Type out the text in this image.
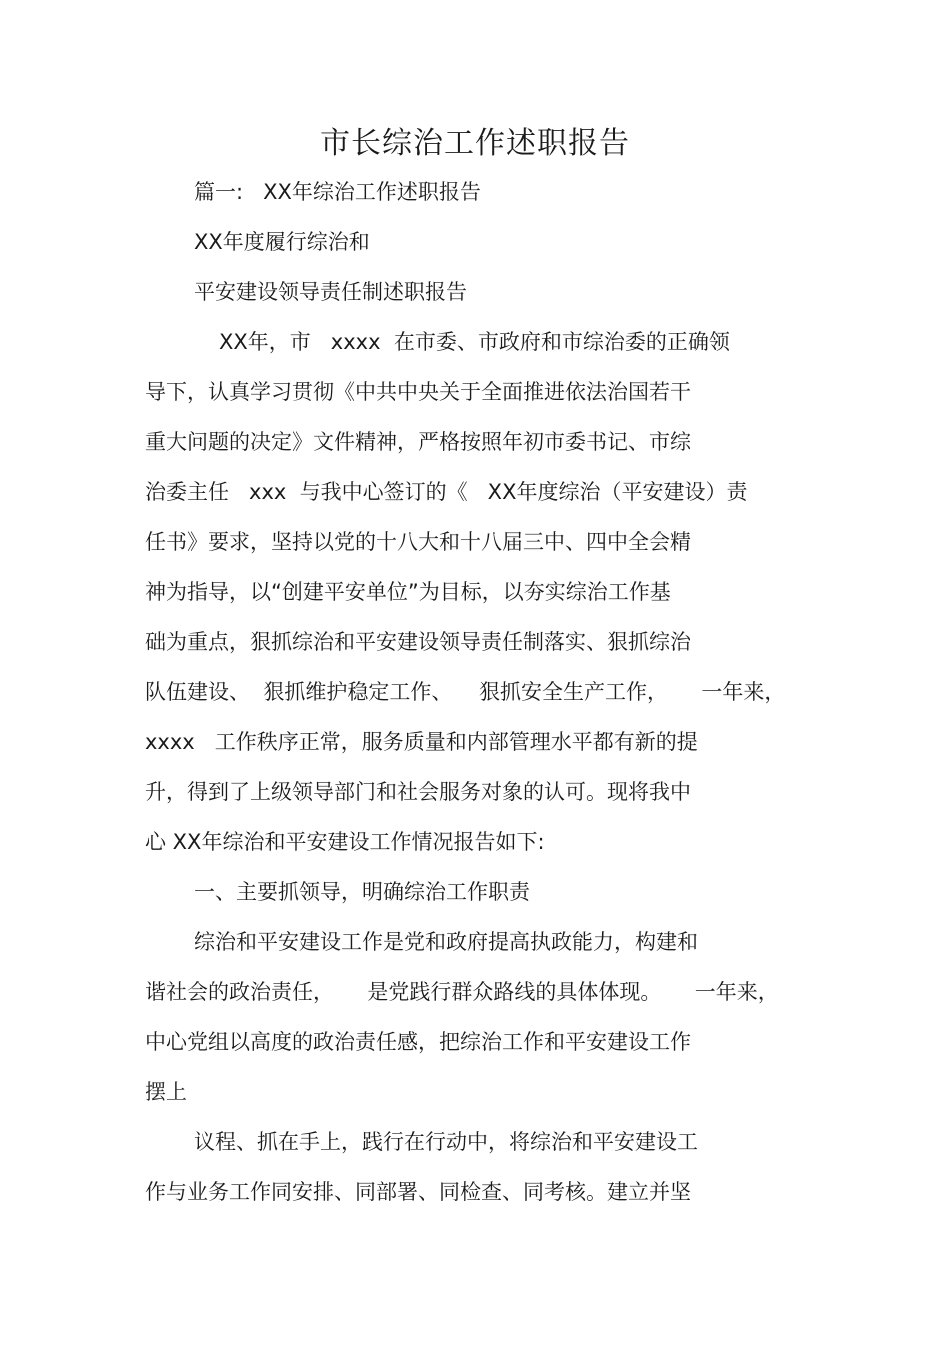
市长综治工作述职报告

篇一:   XX年综治工作述职报告

XX年度履行综治和

平安建设领导责任制述职报告

XX年，市   xxxx  在市委、市政府和市综治委的正确领

导下，认真学习贯彻《中共中央关于全面推进依法治国若干

重大问题的决定》文件精神，严格按照年初市委书记、市综

治委主任   xxx  与我中心签订的《   XX年度综治（平安建设）责

任书》要求，坚持以党的十八大和十八届三中、四中全会精

神为指导，以“创建平安单位”为目标，以夯实综治工作基

础为重点，狠抓综治和平安建设领导责任制落实、狠抓综治

队伍建设、  狠抓维护稳定工作、    狠抓安全生产工作，     一年来，

xxxx   工作秩序正常，服务质量和内部管理水平都有新的提

升，得到了上级领导部门和社会服务对象的认可。现将我中

心 XX年综治和平安建设工作情况报告如下:

一、主要抓领导，明确综治工作职责

综治和平安建设工作是党和政府提高执政能力，构建和

谐社会的政治责任，     是党践行群众路线的具体体现。     一年来，

中心党组以高度的政治责任感，把综治工作和平安建设工作

摆上

议程、抓在手上，践行在行动中，将综治和平安建设工

作与业务工作同安排、同部署、同检查、同考核。建立并坚
